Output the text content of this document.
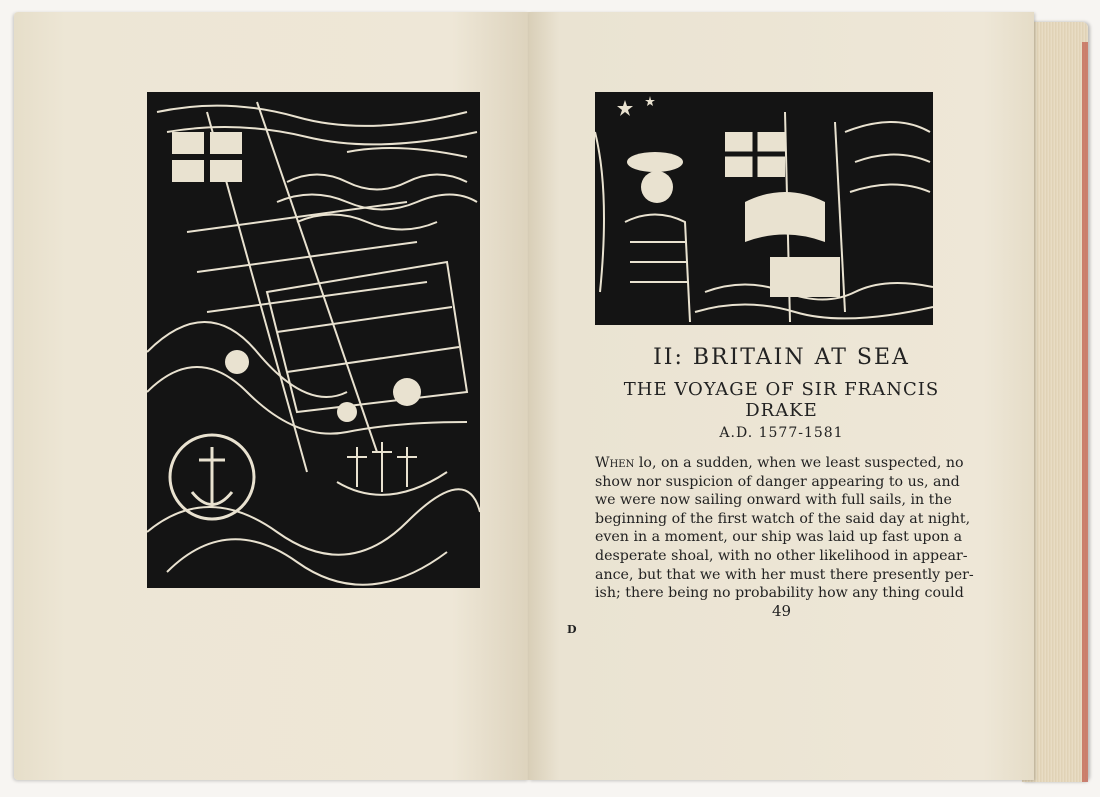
II: BRITAIN AT SEA
THE VOYAGE OF SIR FRANCIS
DRAKE
A.D. 1577-1581
When lo, on a sudden, when we least suspected, no
show nor suspicion of danger appearing to us, and
we were now sailing onward with full sails, in the
beginning of the first watch of the said day at night,
even in a moment, our ship was laid up fast upon a
desperate shoal, with no other likelihood in appear-
ance, but that we with her must there presently per-
ish; there being no probability how any thing could
49
D
